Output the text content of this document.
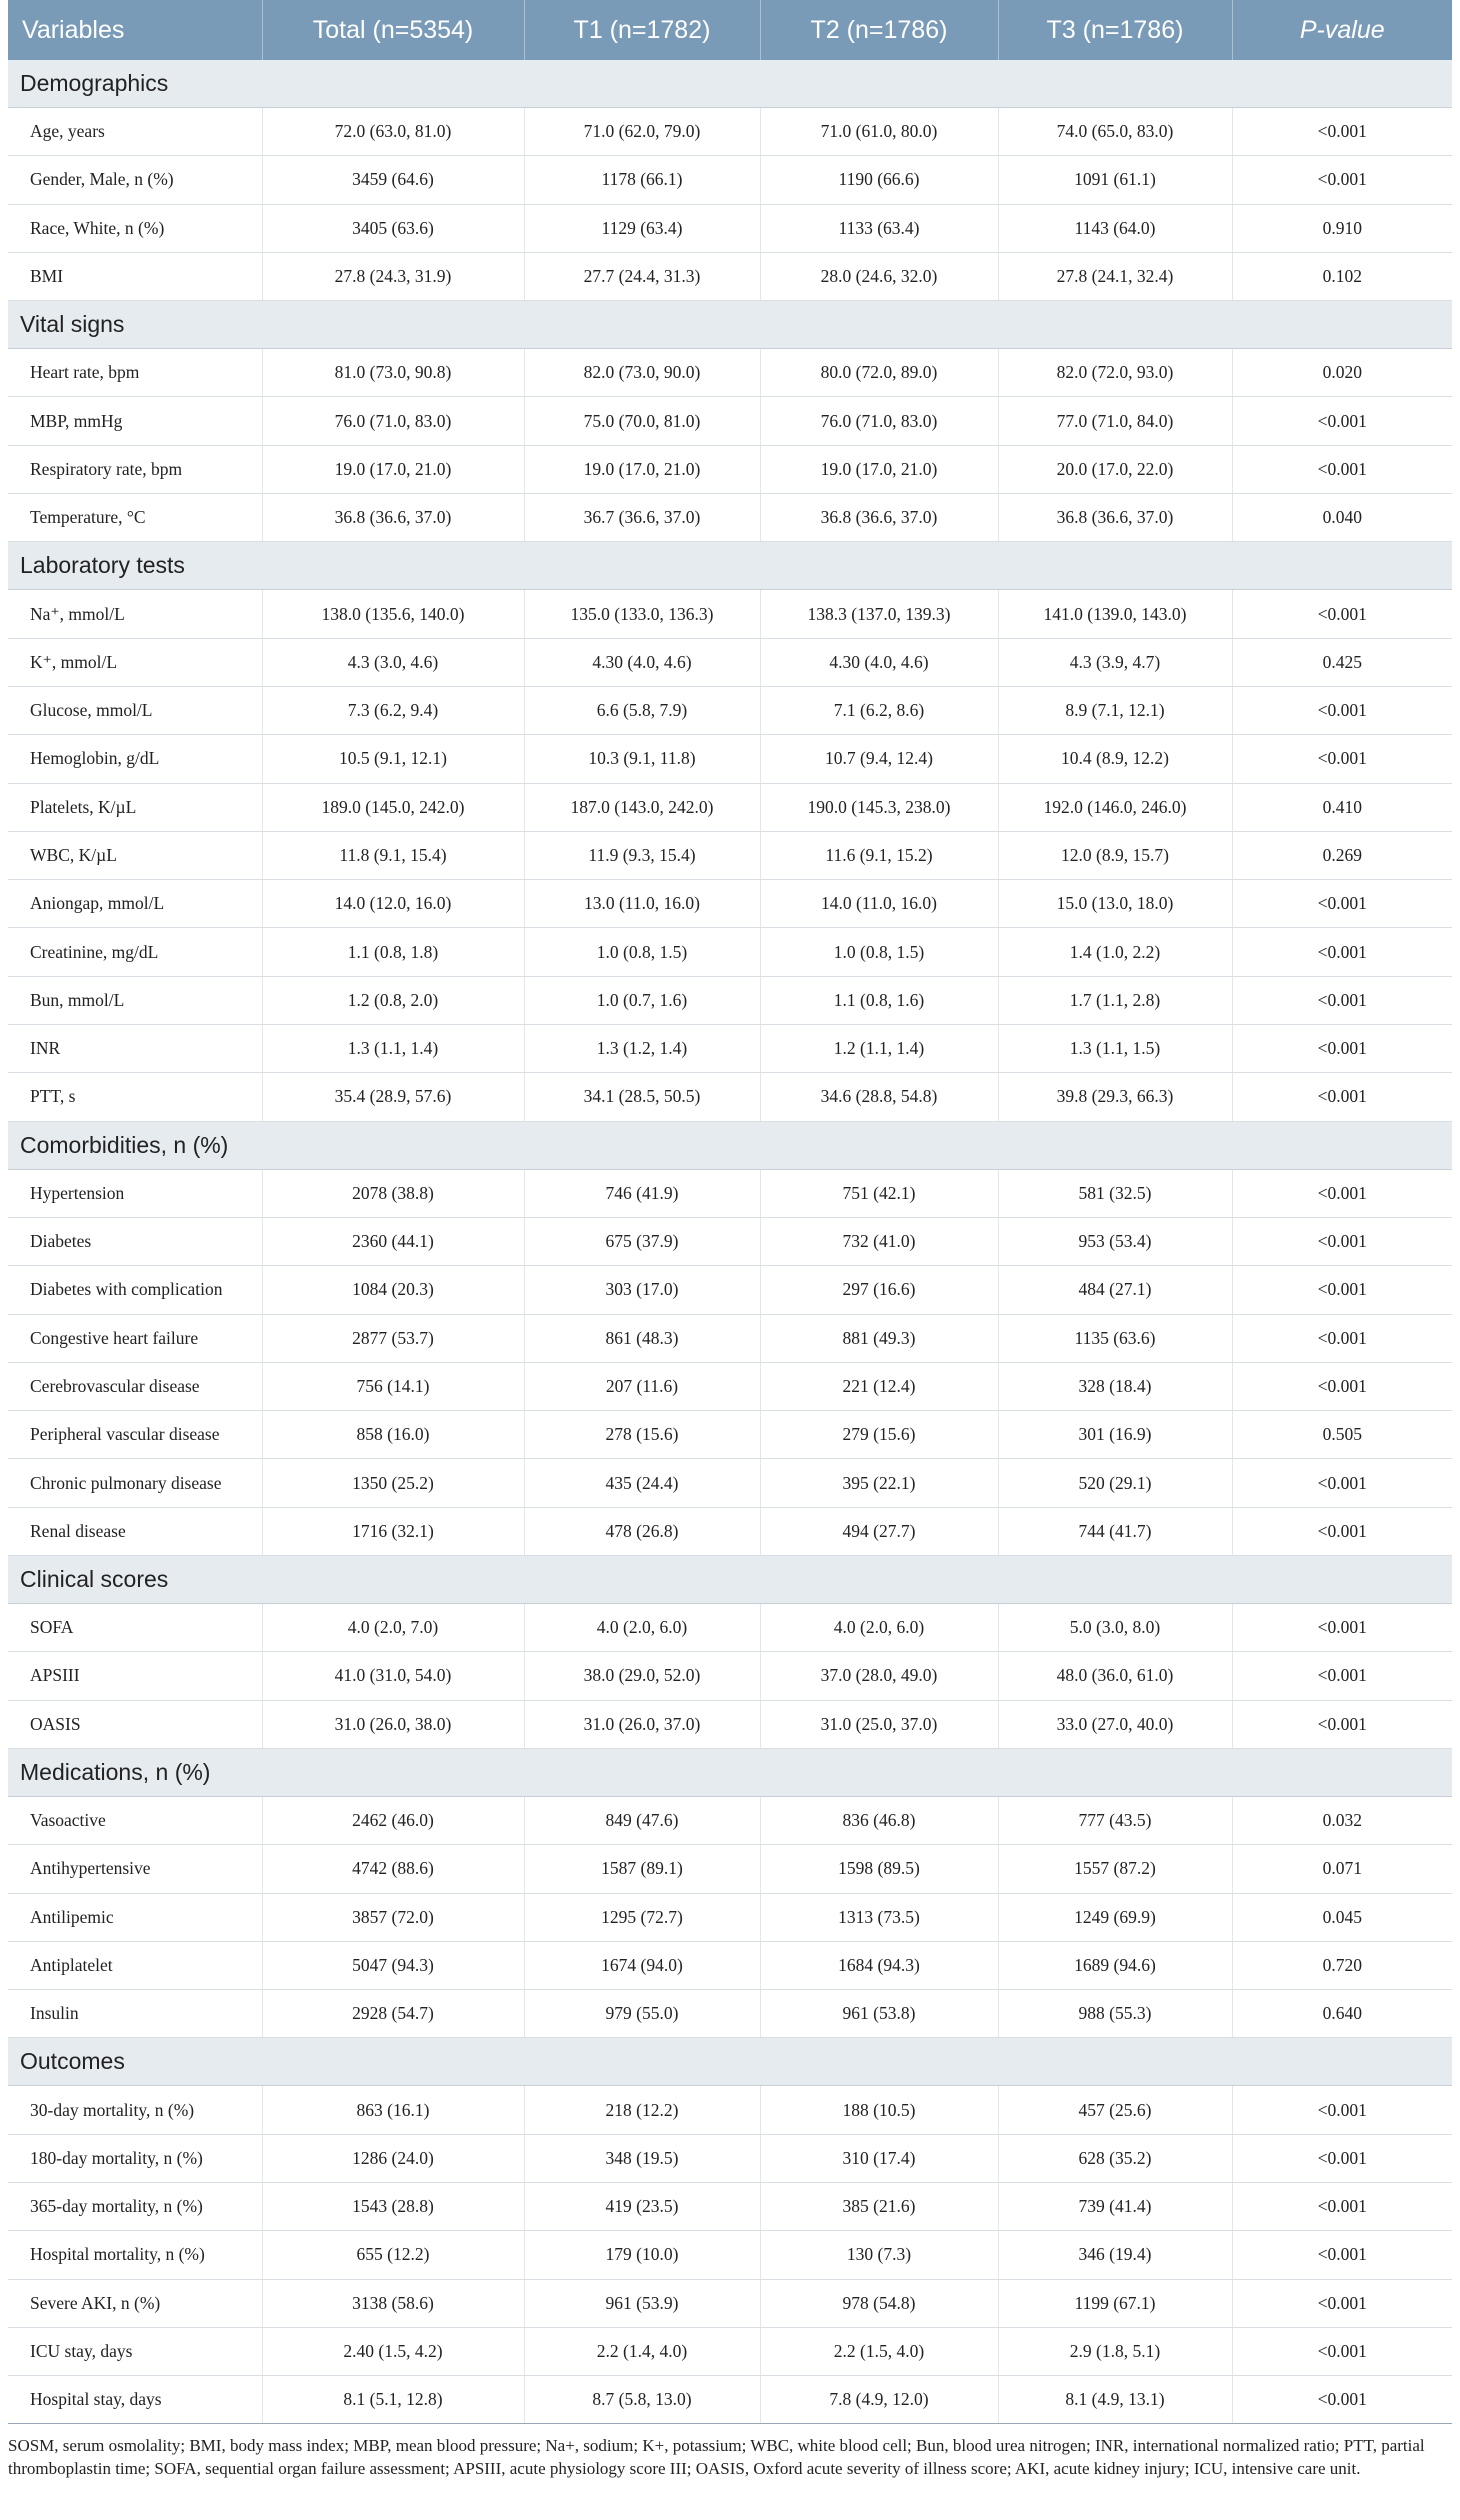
Variables	Total (n=5354)	T1 (n=1782)	T2 (n=1786)	T3 (n=1786)	P-value
Demographics					
Age, years	72.0 (63.0, 81.0)	71.0 (62.0, 79.0)	71.0 (61.0, 80.0)	74.0 (65.0, 83.0)	<0.001
Gender, Male, n (%)	3459 (64.6)	1178 (66.1)	1190 (66.6)	1091 (61.1)	<0.001
Race, White, n (%)	3405 (63.6)	1129 (63.4)	1133 (63.4)	1143 (64.0)	0.910
BMI	27.8 (24.3, 31.9)	27.7 (24.4, 31.3)	28.0 (24.6, 32.0)	27.8 (24.1, 32.4)	0.102
Vital signs					
Heart rate, bpm	81.0 (73.0, 90.8)	82.0 (73.0, 90.0)	80.0 (72.0, 89.0)	82.0 (72.0, 93.0)	0.020
MBP, mmHg	76.0 (71.0, 83.0)	75.0 (70.0, 81.0)	76.0 (71.0, 83.0)	77.0 (71.0, 84.0)	<0.001
Respiratory rate, bpm	19.0 (17.0, 21.0)	19.0 (17.0, 21.0)	19.0 (17.0, 21.0)	20.0 (17.0, 22.0)	<0.001
Temperature, °C	36.8 (36.6, 37.0)	36.7 (36.6, 37.0)	36.8 (36.6, 37.0)	36.8 (36.6, 37.0)	0.040
Laboratory tests					
Na⁺, mmol/L	138.0 (135.6, 140.0)	135.0 (133.0, 136.3)	138.3 (137.0, 139.3)	141.0 (139.0, 143.0)	<0.001
K⁺, mmol/L	4.3 (3.0, 4.6)	4.30 (4.0, 4.6)	4.30 (4.0, 4.6)	4.3 (3.9, 4.7)	0.425
Glucose, mmol/L	7.3 (6.2, 9.4)	6.6 (5.8, 7.9)	7.1 (6.2, 8.6)	8.9 (7.1, 12.1)	<0.001
Hemoglobin, g/dL	10.5 (9.1, 12.1)	10.3 (9.1, 11.8)	10.7 (9.4, 12.4)	10.4 (8.9, 12.2)	<0.001
Platelets, K/µL	189.0 (145.0, 242.0)	187.0 (143.0, 242.0)	190.0 (145.3, 238.0)	192.0 (146.0, 246.0)	0.410
WBC, K/µL	11.8 (9.1, 15.4)	11.9 (9.3, 15.4)	11.6 (9.1, 15.2)	12.0 (8.9, 15.7)	0.269
Aniongap, mmol/L	14.0 (12.0, 16.0)	13.0 (11.0, 16.0)	14.0 (11.0, 16.0)	15.0 (13.0, 18.0)	<0.001
Creatinine, mg/dL	1.1 (0.8, 1.8)	1.0 (0.8, 1.5)	1.0 (0.8, 1.5)	1.4 (1.0, 2.2)	<0.001
Bun, mmol/L	1.2 (0.8, 2.0)	1.0 (0.7, 1.6)	1.1 (0.8, 1.6)	1.7 (1.1, 2.8)	<0.001
INR	1.3 (1.1, 1.4)	1.3 (1.2, 1.4)	1.2 (1.1, 1.4)	1.3 (1.1, 1.5)	<0.001
PTT, s	35.4 (28.9, 57.6)	34.1 (28.5, 50.5)	34.6 (28.8, 54.8)	39.8 (29.3, 66.3)	<0.001
Comorbidities, n (%)					
Hypertension	2078 (38.8)	746 (41.9)	751 (42.1)	581 (32.5)	<0.001
Diabetes	2360 (44.1)	675 (37.9)	732 (41.0)	953 (53.4)	<0.001
Diabetes with complication	1084 (20.3)	303 (17.0)	297 (16.6)	484 (27.1)	<0.001
Congestive heart failure	2877 (53.7)	861 (48.3)	881 (49.3)	1135 (63.6)	<0.001
Cerebrovascular disease	756 (14.1)	207 (11.6)	221 (12.4)	328 (18.4)	<0.001
Peripheral vascular disease	858 (16.0)	278 (15.6)	279 (15.6)	301 (16.9)	0.505
Chronic pulmonary disease	1350 (25.2)	435 (24.4)	395 (22.1)	520 (29.1)	<0.001
Renal disease	1716 (32.1)	478 (26.8)	494 (27.7)	744 (41.7)	<0.001
Clinical scores					
SOFA	4.0 (2.0, 7.0)	4.0 (2.0, 6.0)	4.0 (2.0, 6.0)	5.0 (3.0, 8.0)	<0.001
APSIII	41.0 (31.0, 54.0)	38.0 (29.0, 52.0)	37.0 (28.0, 49.0)	48.0 (36.0, 61.0)	<0.001
OASIS	31.0 (26.0, 38.0)	31.0 (26.0, 37.0)	31.0 (25.0, 37.0)	33.0 (27.0, 40.0)	<0.001
Medications, n (%)					
Vasoactive	2462 (46.0)	849 (47.6)	836 (46.8)	777 (43.5)	0.032
Antihypertensive	4742 (88.6)	1587 (89.1)	1598 (89.5)	1557 (87.2)	0.071
Antilipemic	3857 (72.0)	1295 (72.7)	1313 (73.5)	1249 (69.9)	0.045
Antiplatelet	5047 (94.3)	1674 (94.0)	1684 (94.3)	1689 (94.6)	0.720
Insulin	2928 (54.7)	979 (55.0)	961 (53.8)	988 (55.3)	0.640
Outcomes					
30-day mortality, n (%)	863 (16.1)	218 (12.2)	188 (10.5)	457 (25.6)	<0.001
180-day mortality, n (%)	1286 (24.0)	348 (19.5)	310 (17.4)	628 (35.2)	<0.001
365-day mortality, n (%)	1543 (28.8)	419 (23.5)	385 (21.6)	739 (41.4)	<0.001
Hospital mortality, n (%)	655 (12.2)	179 (10.0)	130 (7.3)	346 (19.4)	<0.001
Severe AKI, n (%)	3138 (58.6)	961 (53.9)	978 (54.8)	1199 (67.1)	<0.001
ICU stay, days	2.40 (1.5, 4.2)	2.2 (1.4, 4.0)	2.2 (1.5, 4.0)	2.9 (1.8, 5.1)	<0.001
Hospital stay, days	8.1 (5.1, 12.8)	8.7 (5.8, 13.0)	7.8 (4.9, 12.0)	8.1 (4.9, 13.1)	<0.001

SOSM, serum osmolality; BMI, body mass index; MBP, mean blood pressure; Na+, sodium; K+, potassium; WBC, white blood cell; Bun, blood urea nitrogen; INR, international normalized ratio; PTT, partial thromboplastin time; SOFA, sequential organ failure assessment; APSIII, acute physiology score III; OASIS, Oxford acute severity of illness score; AKI, acute kidney injury; ICU, intensive care unit.
